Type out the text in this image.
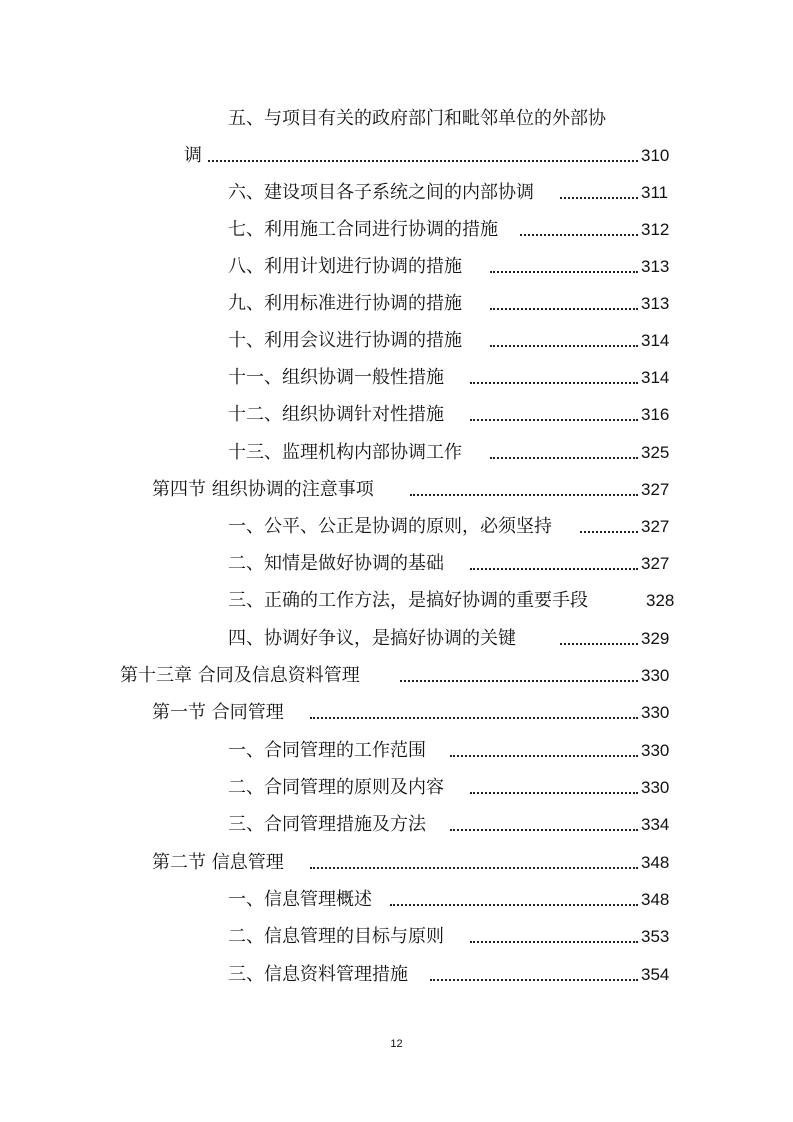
五、与项目有关的政府部门和毗邻单位的外部协
调	310
六、建设项目各子系统之间的内部协调	311
七、利用施工合同进行协调的措施	312
八、利用计划进行协调的措施	313
九、利用标准进行协调的措施	313
十、利用会议进行协调的措施	314
十一、组织协调一般性措施	314
十二、组织协调针对性措施	316
十三、监理机构内部协调工作	325
第四节 组织协调的注意事项	327
一、公平、公正是协调的原则，必须坚持	327
二、知情是做好协调的基础	327
三、正确的工作方法，是搞好协调的重要手段	328
四、协调好争议，是搞好协调的关键	329
第十三章 合同及信息资料管理	330
第一节 合同管理	330
一、合同管理的工作范围	330
二、合同管理的原则及内容	330
三、合同管理措施及方法	334
第二节 信息管理	348
一、信息管理概述	348
二、信息管理的目标与原则	353
三、信息资料管理措施	354
12
